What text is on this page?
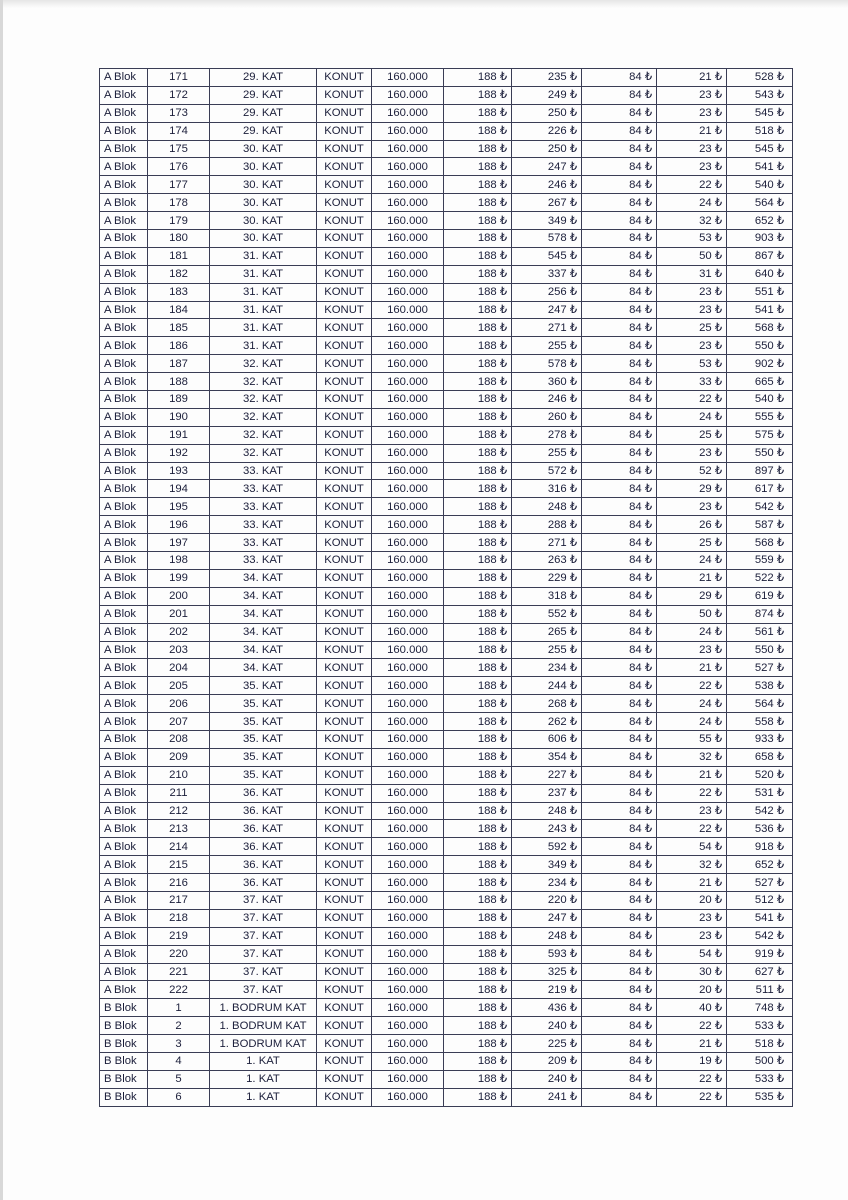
A Blok	171	29. KAT	KONUT	160.000	188 ₺	235 ₺	84 ₺	21 ₺	528 ₺
A Blok	172	29. KAT	KONUT	160.000	188 ₺	249 ₺	84 ₺	23 ₺	543 ₺
A Blok	173	29. KAT	KONUT	160.000	188 ₺	250 ₺	84 ₺	23 ₺	545 ₺
A Blok	174	29. KAT	KONUT	160.000	188 ₺	226 ₺	84 ₺	21 ₺	518 ₺
A Blok	175	30. KAT	KONUT	160.000	188 ₺	250 ₺	84 ₺	23 ₺	545 ₺
A Blok	176	30. KAT	KONUT	160.000	188 ₺	247 ₺	84 ₺	23 ₺	541 ₺
A Blok	177	30. KAT	KONUT	160.000	188 ₺	246 ₺	84 ₺	22 ₺	540 ₺
A Blok	178	30. KAT	KONUT	160.000	188 ₺	267 ₺	84 ₺	24 ₺	564 ₺
A Blok	179	30. KAT	KONUT	160.000	188 ₺	349 ₺	84 ₺	32 ₺	652 ₺
A Blok	180	30. KAT	KONUT	160.000	188 ₺	578 ₺	84 ₺	53 ₺	903 ₺
A Blok	181	31. KAT	KONUT	160.000	188 ₺	545 ₺	84 ₺	50 ₺	867 ₺
A Blok	182	31. KAT	KONUT	160.000	188 ₺	337 ₺	84 ₺	31 ₺	640 ₺
A Blok	183	31. KAT	KONUT	160.000	188 ₺	256 ₺	84 ₺	23 ₺	551 ₺
A Blok	184	31. KAT	KONUT	160.000	188 ₺	247 ₺	84 ₺	23 ₺	541 ₺
A Blok	185	31. KAT	KONUT	160.000	188 ₺	271 ₺	84 ₺	25 ₺	568 ₺
A Blok	186	31. KAT	KONUT	160.000	188 ₺	255 ₺	84 ₺	23 ₺	550 ₺
A Blok	187	32. KAT	KONUT	160.000	188 ₺	578 ₺	84 ₺	53 ₺	902 ₺
A Blok	188	32. KAT	KONUT	160.000	188 ₺	360 ₺	84 ₺	33 ₺	665 ₺
A Blok	189	32. KAT	KONUT	160.000	188 ₺	246 ₺	84 ₺	22 ₺	540 ₺
A Blok	190	32. KAT	KONUT	160.000	188 ₺	260 ₺	84 ₺	24 ₺	555 ₺
A Blok	191	32. KAT	KONUT	160.000	188 ₺	278 ₺	84 ₺	25 ₺	575 ₺
A Blok	192	32. KAT	KONUT	160.000	188 ₺	255 ₺	84 ₺	23 ₺	550 ₺
A Blok	193	33. KAT	KONUT	160.000	188 ₺	572 ₺	84 ₺	52 ₺	897 ₺
A Blok	194	33. KAT	KONUT	160.000	188 ₺	316 ₺	84 ₺	29 ₺	617 ₺
A Blok	195	33. KAT	KONUT	160.000	188 ₺	248 ₺	84 ₺	23 ₺	542 ₺
A Blok	196	33. KAT	KONUT	160.000	188 ₺	288 ₺	84 ₺	26 ₺	587 ₺
A Blok	197	33. KAT	KONUT	160.000	188 ₺	271 ₺	84 ₺	25 ₺	568 ₺
A Blok	198	33. KAT	KONUT	160.000	188 ₺	263 ₺	84 ₺	24 ₺	559 ₺
A Blok	199	34. KAT	KONUT	160.000	188 ₺	229 ₺	84 ₺	21 ₺	522 ₺
A Blok	200	34. KAT	KONUT	160.000	188 ₺	318 ₺	84 ₺	29 ₺	619 ₺
A Blok	201	34. KAT	KONUT	160.000	188 ₺	552 ₺	84 ₺	50 ₺	874 ₺
A Blok	202	34. KAT	KONUT	160.000	188 ₺	265 ₺	84 ₺	24 ₺	561 ₺
A Blok	203	34. KAT	KONUT	160.000	188 ₺	255 ₺	84 ₺	23 ₺	550 ₺
A Blok	204	34. KAT	KONUT	160.000	188 ₺	234 ₺	84 ₺	21 ₺	527 ₺
A Blok	205	35. KAT	KONUT	160.000	188 ₺	244 ₺	84 ₺	22 ₺	538 ₺
A Blok	206	35. KAT	KONUT	160.000	188 ₺	268 ₺	84 ₺	24 ₺	564 ₺
A Blok	207	35. KAT	KONUT	160.000	188 ₺	262 ₺	84 ₺	24 ₺	558 ₺
A Blok	208	35. KAT	KONUT	160.000	188 ₺	606 ₺	84 ₺	55 ₺	933 ₺
A Blok	209	35. KAT	KONUT	160.000	188 ₺	354 ₺	84 ₺	32 ₺	658 ₺
A Blok	210	35. KAT	KONUT	160.000	188 ₺	227 ₺	84 ₺	21 ₺	520 ₺
A Blok	211	36. KAT	KONUT	160.000	188 ₺	237 ₺	84 ₺	22 ₺	531 ₺
A Blok	212	36. KAT	KONUT	160.000	188 ₺	248 ₺	84 ₺	23 ₺	542 ₺
A Blok	213	36. KAT	KONUT	160.000	188 ₺	243 ₺	84 ₺	22 ₺	536 ₺
A Blok	214	36. KAT	KONUT	160.000	188 ₺	592 ₺	84 ₺	54 ₺	918 ₺
A Blok	215	36. KAT	KONUT	160.000	188 ₺	349 ₺	84 ₺	32 ₺	652 ₺
A Blok	216	36. KAT	KONUT	160.000	188 ₺	234 ₺	84 ₺	21 ₺	527 ₺
A Blok	217	37. KAT	KONUT	160.000	188 ₺	220 ₺	84 ₺	20 ₺	512 ₺
A Blok	218	37. KAT	KONUT	160.000	188 ₺	247 ₺	84 ₺	23 ₺	541 ₺
A Blok	219	37. KAT	KONUT	160.000	188 ₺	248 ₺	84 ₺	23 ₺	542 ₺
A Blok	220	37. KAT	KONUT	160.000	188 ₺	593 ₺	84 ₺	54 ₺	919 ₺
A Blok	221	37. KAT	KONUT	160.000	188 ₺	325 ₺	84 ₺	30 ₺	627 ₺
A Blok	222	37. KAT	KONUT	160.000	188 ₺	219 ₺	84 ₺	20 ₺	511 ₺
B Blok	1	1. BODRUM KAT	KONUT	160.000	188 ₺	436 ₺	84 ₺	40 ₺	748 ₺
B Blok	2	1. BODRUM KAT	KONUT	160.000	188 ₺	240 ₺	84 ₺	22 ₺	533 ₺
B Blok	3	1. BODRUM KAT	KONUT	160.000	188 ₺	225 ₺	84 ₺	21 ₺	518 ₺
B Blok	4	1. KAT	KONUT	160.000	188 ₺	209 ₺	84 ₺	19 ₺	500 ₺
B Blok	5	1. KAT	KONUT	160.000	188 ₺	240 ₺	84 ₺	22 ₺	533 ₺
B Blok	6	1. KAT	KONUT	160.000	188 ₺	241 ₺	84 ₺	22 ₺	535 ₺
